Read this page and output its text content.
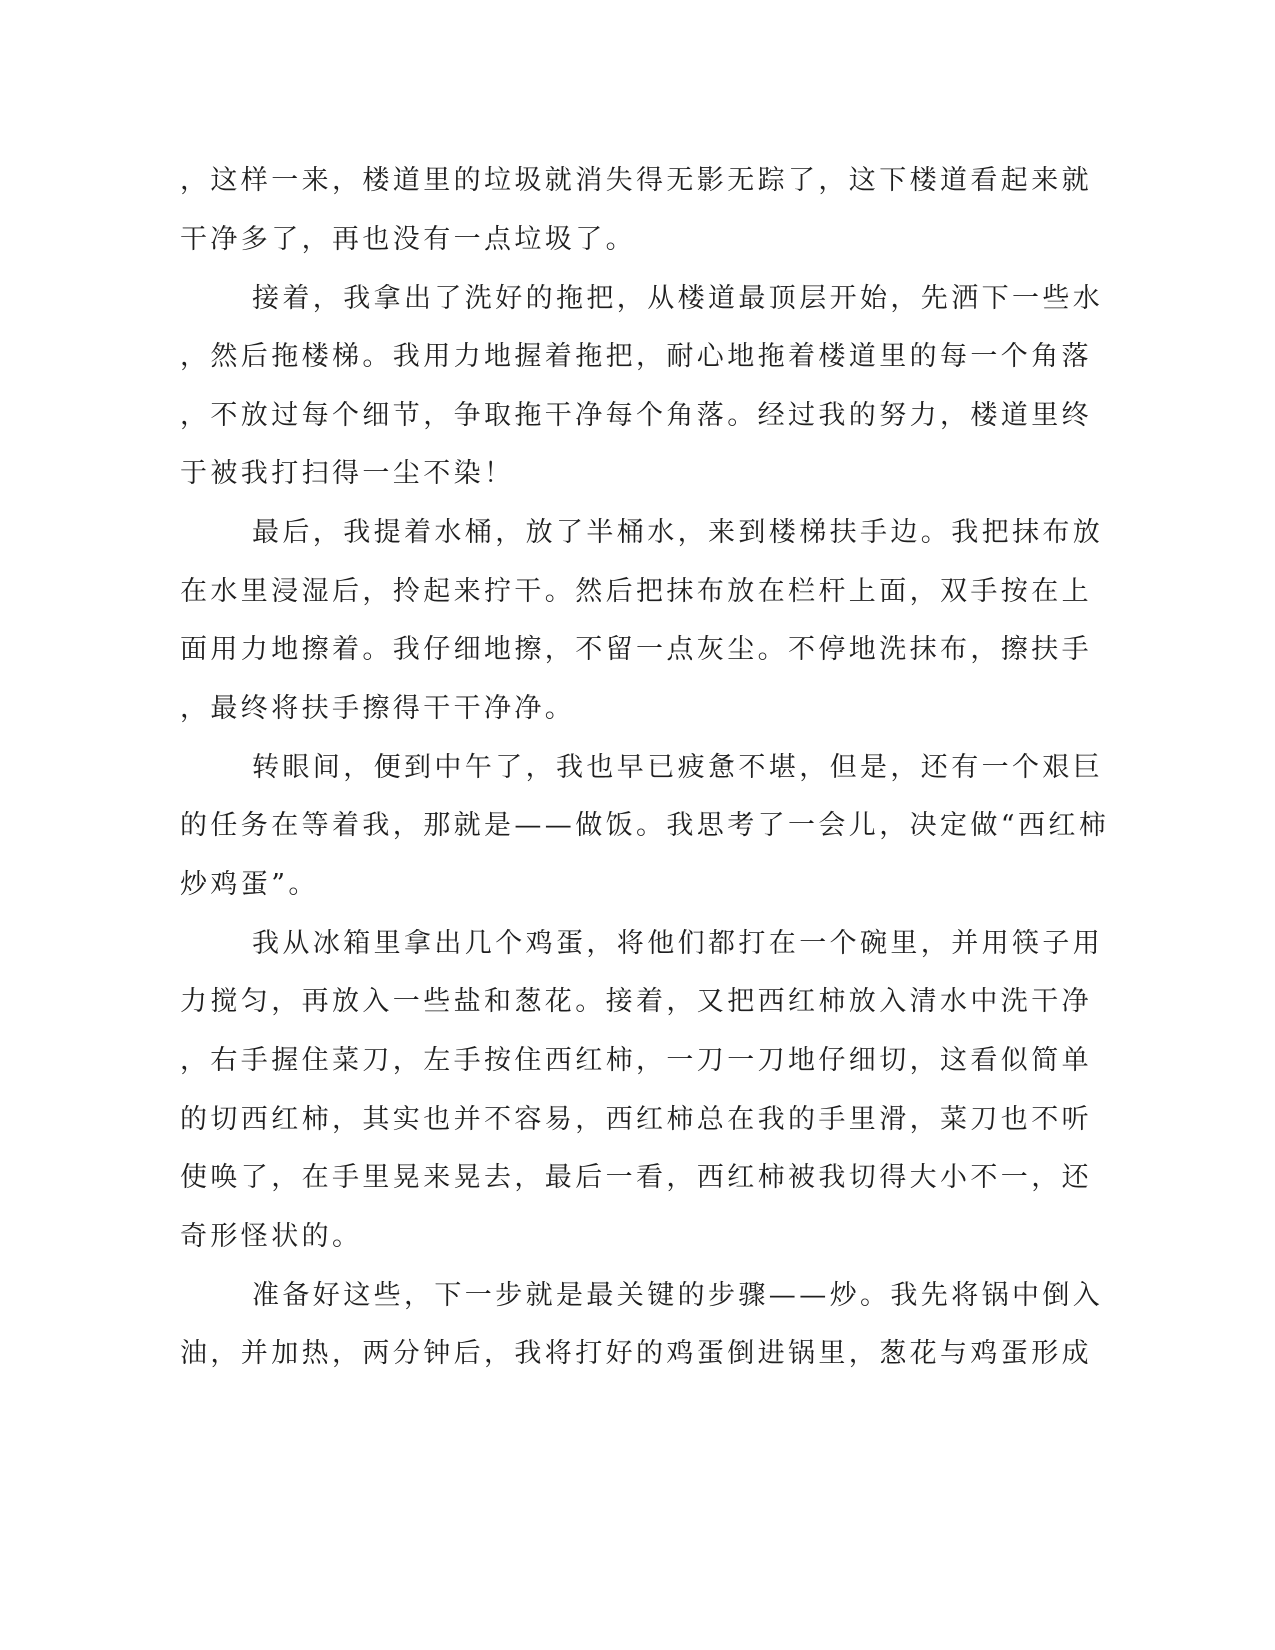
，这样一来，楼道里的垃圾就消失得无影无踪了，这下楼道看起来就

干净多了，再也没有一点垃圾了。

接着，我拿出了洗好的拖把，从楼道最顶层开始，先洒下一些水

，然后拖楼梯。我用力地握着拖把，耐心地拖着楼道里的每一个角落

，不放过每个细节，争取拖干净每个角落。经过我的努力，楼道里终

于被我打扫得一尘不染！

最后，我提着水桶，放了半桶水，来到楼梯扶手边。我把抹布放

在水里浸湿后，拎起来拧干。然后把抹布放在栏杆上面，双手按在上

面用力地擦着。我仔细地擦，不留一点灰尘。不停地洗抹布，擦扶手

，最终将扶手擦得干干净净。

转眼间，便到中午了，我也早已疲惫不堪，但是，还有一个艰巨

的任务在等着我，那就是——做饭。我思考了一会儿，决定做“西红柿

炒鸡蛋”。

我从冰箱里拿出几个鸡蛋，将他们都打在一个碗里，并用筷子用

力搅匀，再放入一些盐和葱花。接着，又把西红柿放入清水中洗干净

，右手握住菜刀，左手按住西红柿，一刀一刀地仔细切，这看似简单

的切西红柿，其实也并不容易，西红柿总在我的手里滑，菜刀也不听

使唤了，在手里晃来晃去，最后一看，西红柿被我切得大小不一，还

奇形怪状的。

准备好这些，下一步就是最关键的步骤——炒。我先将锅中倒入

油，并加热，两分钟后，我将打好的鸡蛋倒进锅里，葱花与鸡蛋形成
